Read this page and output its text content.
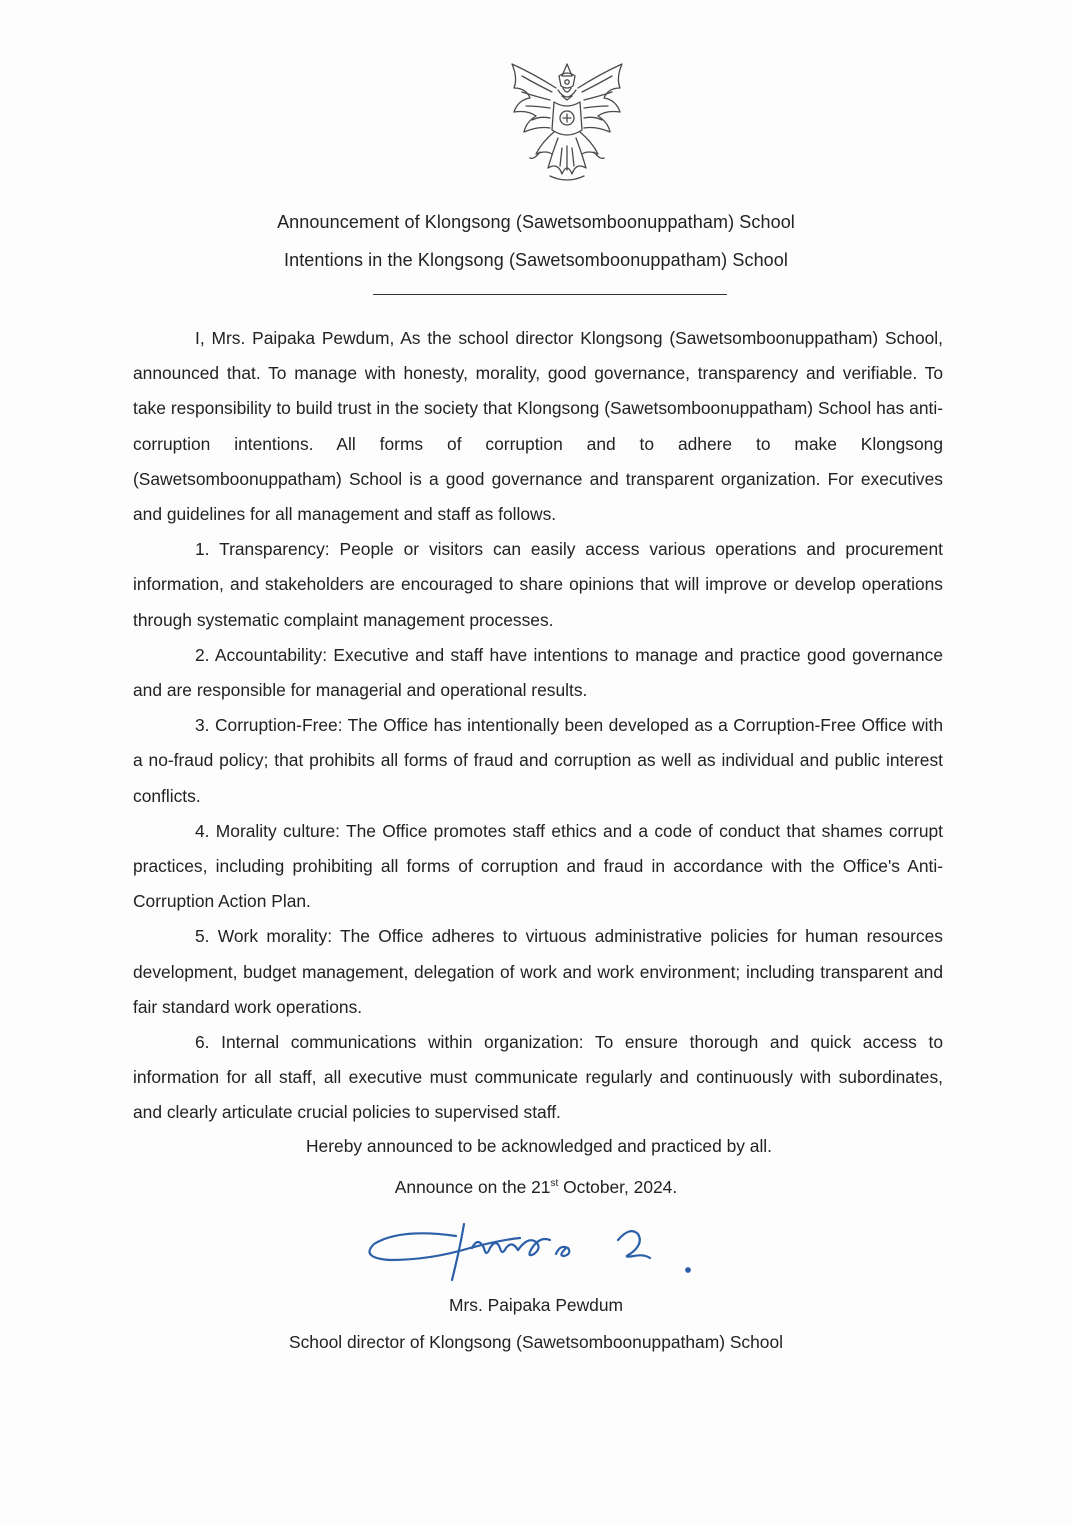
Announcement of Klongsong (Sawetsomboonuppatham) School
Intentions in the Klongsong (Sawetsomboonuppatham) School

I, Mrs. Paipaka Pewdum, As the school director Klongsong (Sawetsomboonuppatham) School, announced that. To manage with honesty, morality, good governance, transparency and verifiable. To take responsibility to build trust in the society that Klongsong (Sawetsomboonuppatham) School has anti-corruption intentions. All forms of corruption and to adhere to make Klongsong (Sawetsomboonuppatham) School is a good governance and transparent organization. For executives and guidelines for all management and staff as follows.

1. Transparency: People or visitors can easily access various operations and procurement information, and stakeholders are encouraged to share opinions that will improve or develop operations through systematic complaint management processes.

2. Accountability: Executive and staff have intentions to manage and practice good governance and are responsible for managerial and operational results.

3. Corruption-Free: The Office has intentionally been developed as a Corruption-Free Office with a no-fraud policy; that prohibits all forms of fraud and corruption as well as individual and public interest conflicts.

4. Morality culture: The Office promotes staff ethics and a code of conduct that shames corrupt practices, including prohibiting all forms of corruption and fraud in accordance with the Office's Anti-Corruption Action Plan.

5. Work morality: The Office adheres to virtuous administrative policies for human resources development, budget management, delegation of work and work environment; including transparent and fair standard work operations.

6. Internal communications within organization: To ensure thorough and quick access to information for all staff, all executive must communicate regularly and continuously with subordinates, and clearly articulate crucial policies to supervised staff.

Hereby announced to be acknowledged and practiced by all.
Announce on the 21st October, 2024.
Mrs. Paipaka Pewdum
School director of Klongsong (Sawetsomboonuppatham) School
